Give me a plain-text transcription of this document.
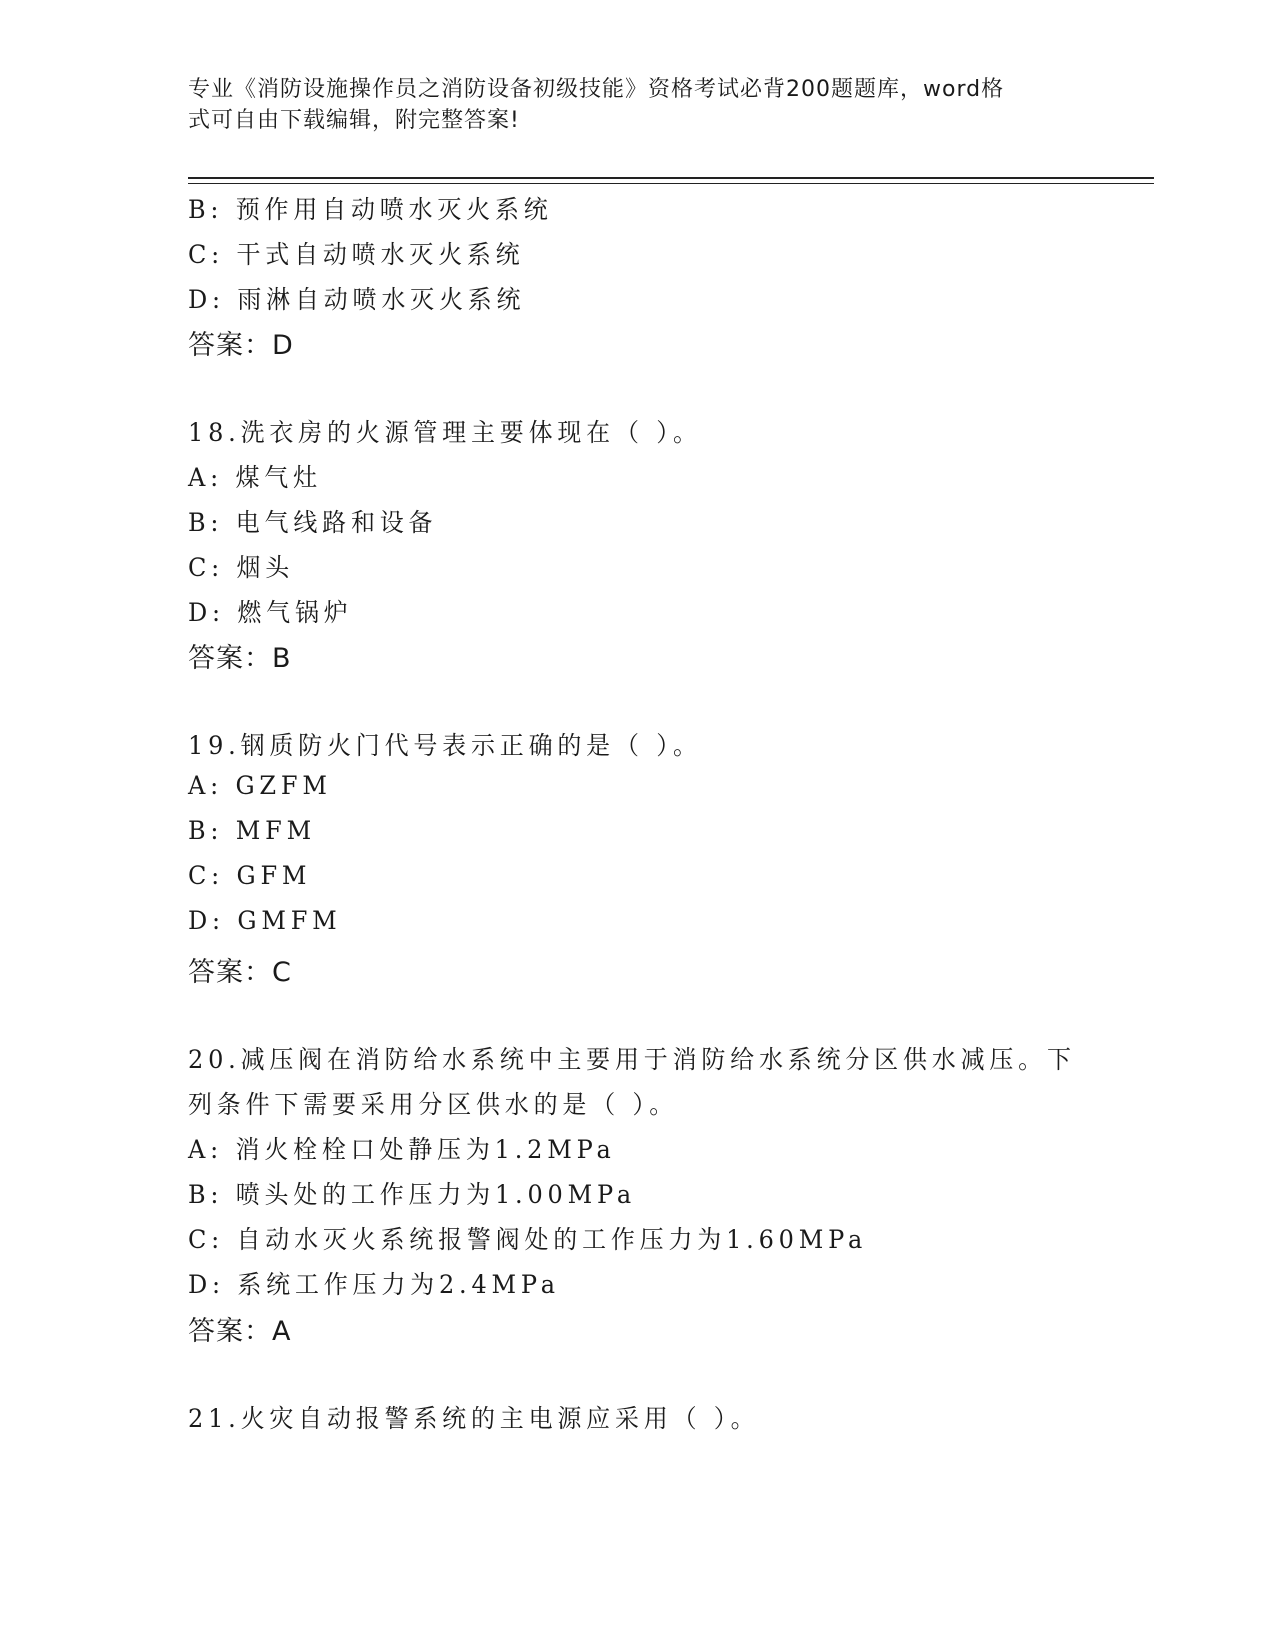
专业《消防设施操作员之消防设备初级技能》资格考试必背200题题库，word格
式可自由下载编辑，附完整答案!
B: 预作用自动喷水灭火系统
C: 干式自动喷水灭火系统
D: 雨淋自动喷水灭火系统
答案：D
18.洗衣房的火源管理主要体现在（ ）。
A: 煤气灶
B: 电气线路和设备
C: 烟头
D: 燃气锅炉
答案：B
19.钢质防火门代号表示正确的是（ ）。
A: GZFM
B: MFM
C: GFM
D: GMFM
答案：C
20.减压阀在消防给水系统中主要用于消防给水系统分区供水减压。下
列条件下需要采用分区供水的是（ ）。
A: 消火栓栓口处静压为1.2MPa
B: 喷头处的工作压力为1.00MPa
C: 自动水灭火系统报警阀处的工作压力为1.60MPa
D: 系统工作压力为2.4MPa
答案：A
21.火灾自动报警系统的主电源应采用（ ）。
